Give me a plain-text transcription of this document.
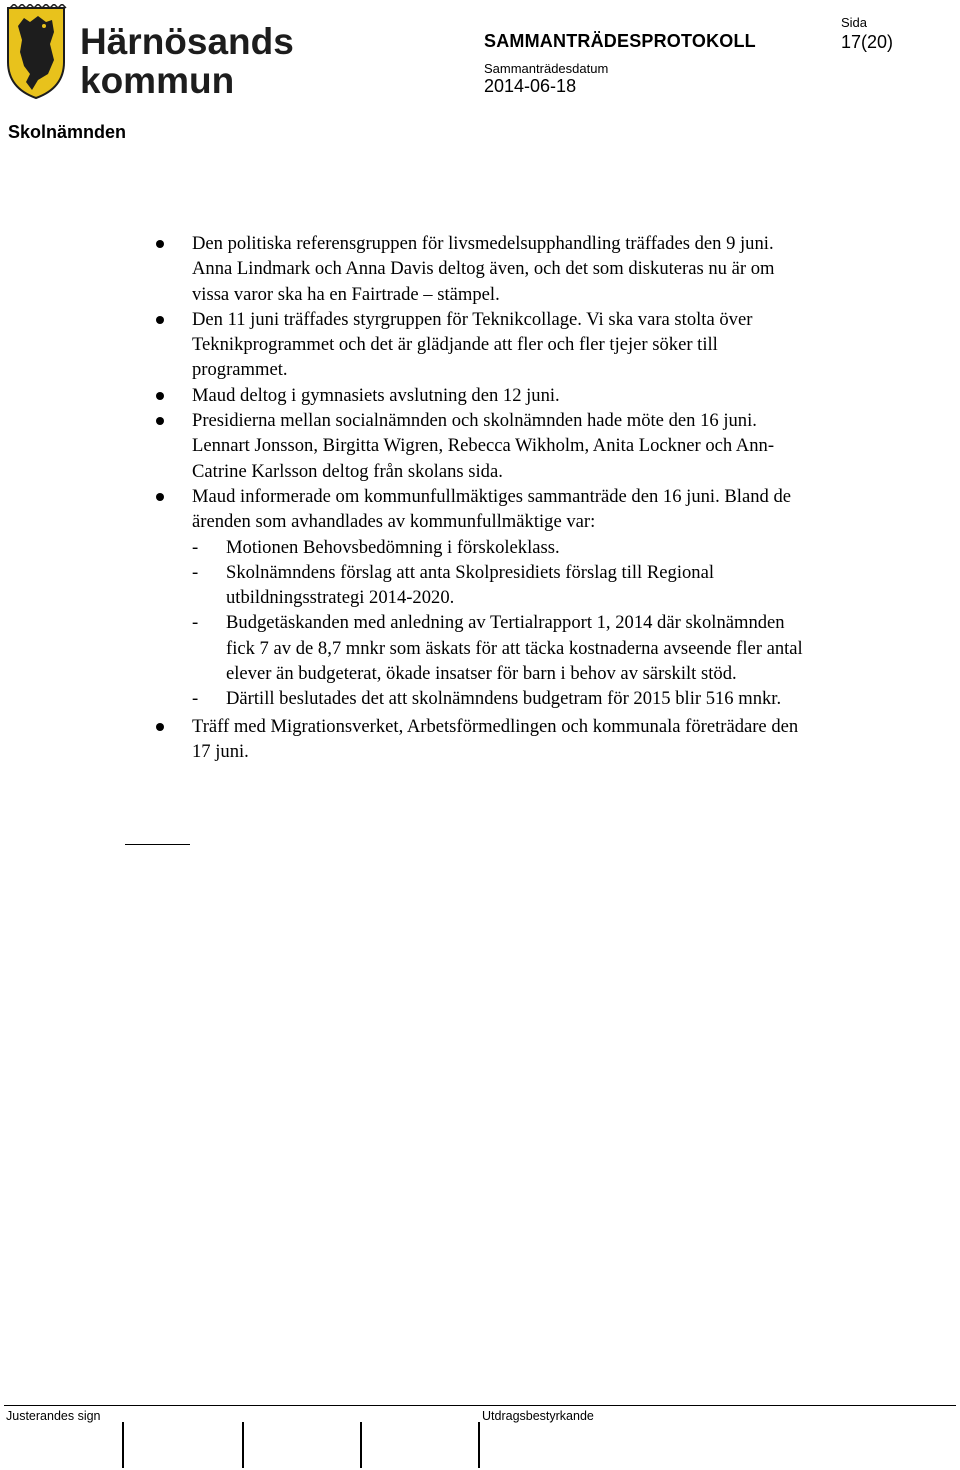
Härnösands
kommun
SAMMANTRÄDESPROTOKOLL
Sida
17(20)
Sammanträdesdatum
2014-06-18
Skolnämnden
Den politiska referensgruppen för livsmedelsupphandling träffades den 9 juni. Anna Lindmark och Anna Davis deltog även, och det som diskuteras nu är om vissa varor ska ha en Fairtrade – stämpel.
Den 11 juni träffades styrgruppen för Teknikcollage. Vi ska vara stolta över Teknikprogrammet och det är glädjande att fler och fler tjejer söker till programmet.
Maud deltog i gymnasiets avslutning den 12 juni.
Presidierna mellan socialnämnden och skolnämnden hade möte den 16 juni. Lennart Jonsson, Birgitta Wigren, Rebecca Wikholm, Anita Lockner och Ann-Catrine Karlsson deltog från skolans sida.
Maud informerade om kommunfullmäktiges sammanträde den 16 juni. Bland de ärenden som avhandlades av kommunfullmäktige var:
- Motionen Behovsbedömning i förskoleklass.
- Skolnämndens förslag att anta Skolpresidiets förslag till Regional utbildningsstrategi 2014-2020.
- Budgetäskanden med anledning av Tertialrapport 1, 2014 där skolnämnden fick 7 av de 8,7 mnkr som äskats för att täcka kostnaderna avseende fler antal elever än budgeterat, ökade insatser för barn i behov av särskilt stöd.
- Därtill beslutades det att skolnämndens budgetram för 2015 blir 516 mnkr.
Träff med Migrationsverket, Arbetsförmedlingen och kommunala företrädare den 17 juni.
Justerandes sign	Utdragsbestyrkande
